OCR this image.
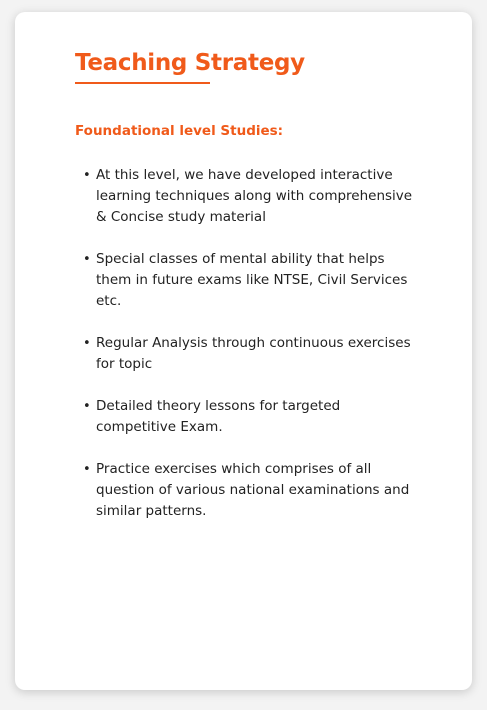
Teaching Strategy
Foundational level Studies:
• At this level, we have developed interactive learning techniques along with comprehensive & Concise study material
• Special classes of mental ability that helps them in future exams like NTSE, Civil Services etc.
• Regular Analysis through continuous exercises for topic
• Detailed theory lessons for targeted competitive Exam.
• Practice exercises which comprises of all question of various national examinations and similar patterns.
